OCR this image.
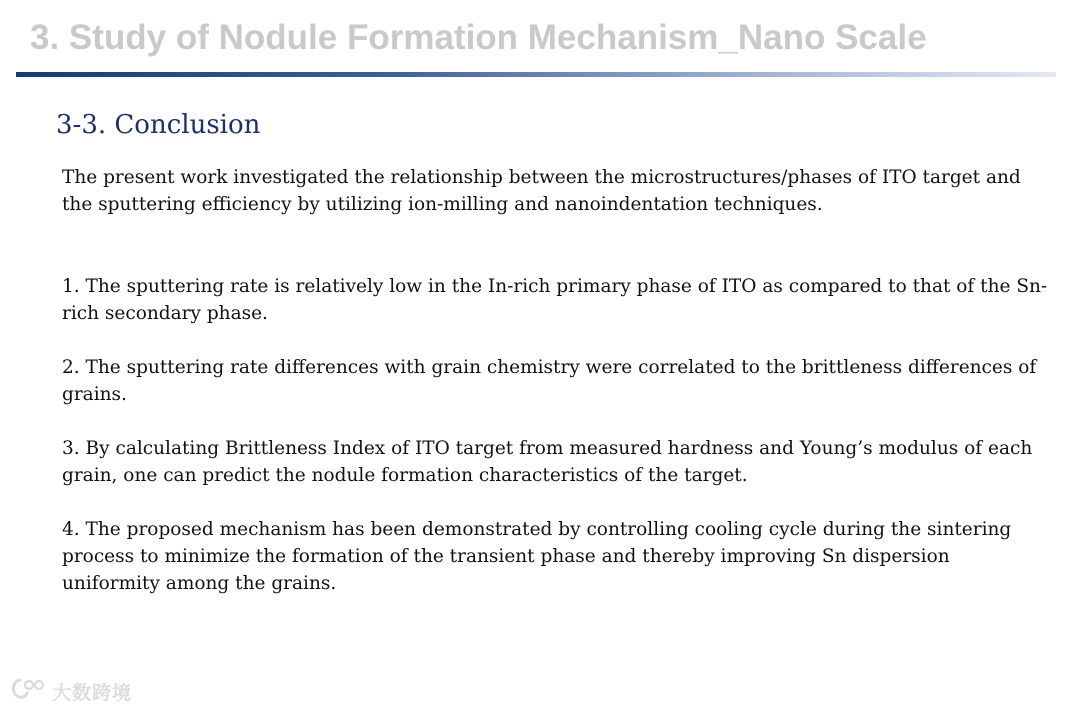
3. Study of Nodule Formation Mechanism_Nano Scale
3-3. Conclusion

The present work investigated the relationship between the microstructures/phases of ITO target and the sputtering efficiency by utilizing ion-milling and nanoindentation techniques.

1. The sputtering rate is relatively low in the In-rich primary phase of ITO as compared to that of the Sn-rich secondary phase.

2. The sputtering rate differences with grain chemistry were correlated to the brittleness differences of grains.

3. By calculating Brittleness Index of ITO target from measured hardness and Young’s modulus of each grain, one can predict the nodule formation characteristics of the target.

4. The proposed mechanism has been demonstrated by controlling cooling cycle during the sintering process to minimize the formation of the transient phase and thereby improving Sn dispersion uniformity among the grains.

大数跨境
